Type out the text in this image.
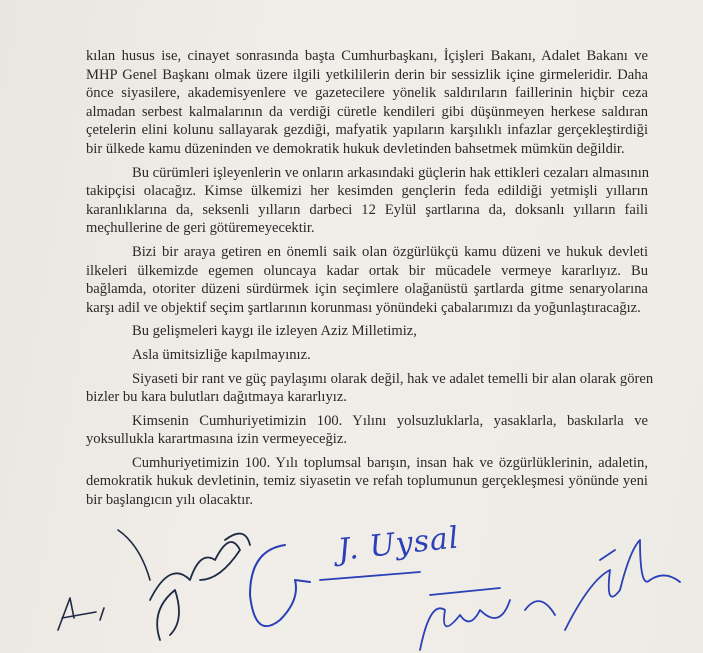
kılan husus ise, cinayet sonrasında başta Cumhurbaşkanı, İçişleri Bakanı, Adalet Bakanı ve
MHP Genel Başkanı olmak üzere ilgili yetkililerin derin bir sessizlik içine girmeleridir. Daha
önce siyasilere, akademisyenlere ve gazetecilere yönelik saldırıların faillerinin hiçbir ceza
almadan serbest kalmalarının da verdiği cüretle kendileri gibi düşünmeyen herkese saldıran
çetelerin elini kolunu sallayarak gezdiği, mafyatik yapıların karşılıklı infazlar gerçekleştirdiği
bir ülkede kamu düzeninden ve demokratik hukuk devletinden bahsetmek mümkün değildir.
Bu cürümleri işleyenlerin ve onların arkasındaki güçlerin hak ettikleri cezaları almasının
takipçisi olacağız. Kimse ülkemizi her kesimden gençlerin feda edildiği yetmişli yılların
karanlıklarına da, seksenli yılların darbeci 12 Eylül şartlarına da, doksanlı yılların faili
meçhullerine de geri götüremeyecektir.
Bizi bir araya getiren en önemli saik olan özgürlükçü kamu düzeni ve hukuk devleti
ilkeleri ülkemizde egemen oluncaya kadar ortak bir mücadele vermeye kararlıyız. Bu
bağlamda, otoriter düzeni sürdürmek için seçimlere olağanüstü şartlarda gitme senaryolarına
karşı adil ve objektif seçim şartlarının korunması yönündeki çabalarımızı da yoğunlaştıracağız.
Bu gelişmeleri kaygı ile izleyen Aziz Milletimiz,
Asla ümitsizliğe kapılmayınız.
Siyaseti bir rant ve güç paylaşımı olarak değil, hak ve adalet temelli bir alan olarak gören
bizler bu kara bulutları dağıtmaya kararlıyız.
Kimsenin Cumhuriyetimizin 100. Yılını yolsuzluklarla, yasaklarla, baskılarla ve
yoksullukla karartmasına izin vermeyeceğiz.
Cumhuriyetimizin 100. Yılı toplumsal barışın, insan hak ve özgürlüklerinin, adaletin,
demokratik hukuk devletinin, temiz siyasetin ve refah toplumunun gerçekleşmesi yönünde yeni
bir başlangıcın yılı olacaktır.
J. Uysal
